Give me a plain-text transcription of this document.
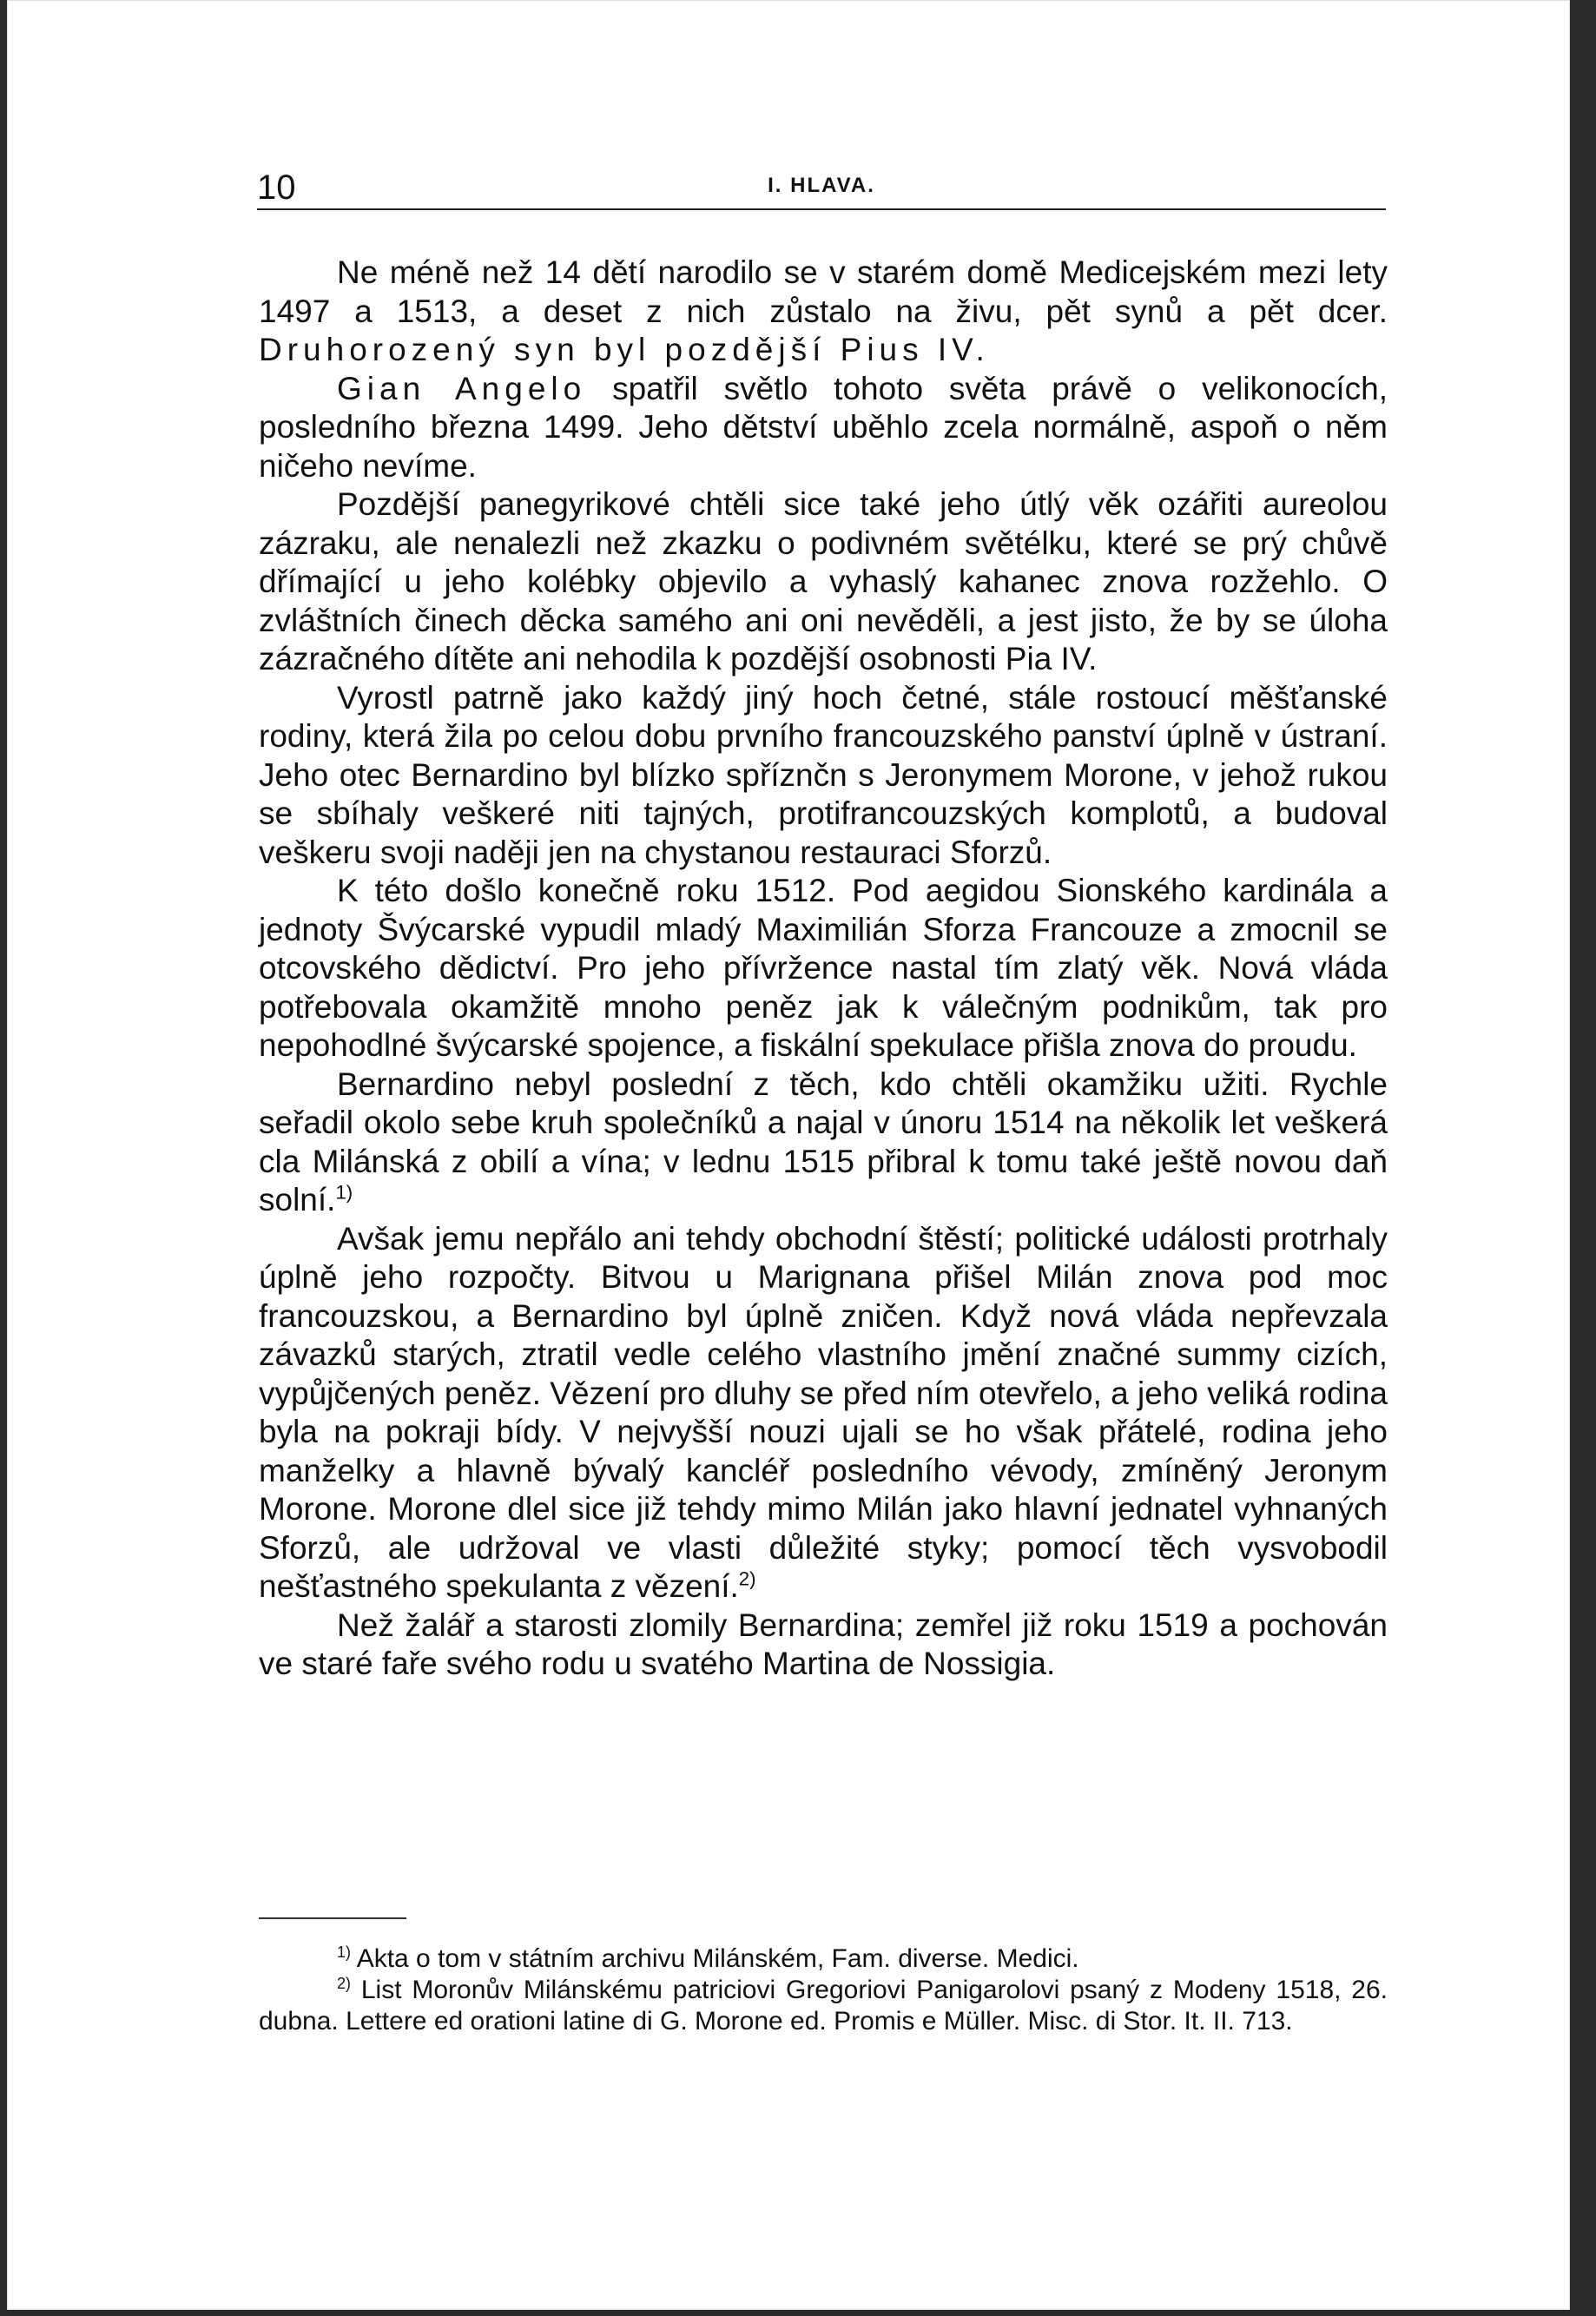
10	I. HLAVA.

Ne méně než 14 dětí narodilo se v starém domě Medicejském mezi lety 1497 a 1513, a deset z nich zůstalo na živu, pět synů a pět dcer. Druhorozený syn byl pozdější Pius IV.

Gian Angelo spatřil světlo tohoto světa právě o velikonocích, posledního března 1499. Jeho dětství uběhlo zcela normálně, aspoň o něm ničeho nevíme.

Pozdější panegyrikové chtěli sice také jeho útlý věk ozářiti aureolou zázraku, ale nenalezli než zkazku o podivném světélku, které se prý chůvě dřímající u jeho kolébky objevilo a vyhaslý kahanec znova rozžehlo. O zvláštních činech děcka samého ani oni nevěděli, a jest jisto, že by se úloha zázračného dítěte ani nehodila k pozdější osobnosti Pia IV.

Vyrostl patrně jako každý jiný hoch četné, stále rostoucí měšťanské rodiny, která žila po celou dobu prvního francouzského panství úplně v ústraní. Jeho otec Bernardino byl blízko spříznčn s Jeronymem Morone, v jehož rukou se sbíhaly veškeré niti tajných, protifrancouzských komplotů, a budoval veškeru svoji naději jen na chystanou restauraci Sforzů.

K této došlo konečně roku 1512. Pod aegidou Sionského kardinála a jednoty Švýcarské vypudil mladý Maximilián Sforza Francouze a zmocnil se otcovského dědictví. Pro jeho přívržence nastal tím zlatý věk. Nová vláda potřebovala okamžitě mnoho peněz jak k válečným podnikům, tak pro nepohodlné švýcarské spojence, a fiskální spekulace přišla znova do proudu.

Bernardino nebyl poslední z těch, kdo chtěli okamžiku užiti. Rychle seřadil okolo sebe kruh společníků a najal v únoru 1514 na několik let veškerá cla Milánská z obilí a vína; v lednu 1515 přibral k tomu také ještě novou daň solní.$^{1)}$

Avšak jemu nepřálo ani tehdy obchodní štěstí; politické události protrhaly úplně jeho rozpočty. Bitvou u Marignana přišel Milán znova pod moc francouzskou, a Bernardino byl úplně zničen. Když nová vláda nepřevzala závazků starých, ztratil vedle celého vlastního jmění značné summy cizích, vypůjčených peněz. Vězení pro dluhy se před ním otevřelo, a jeho veliká rodina byla na pokraji bídy. V nejvyšší nouzi ujali se ho však přátelé, rodina jeho manželky a hlavně bývalý kancléř posledního vévody, zmíněný Jeronym Morone. Morone dlel sice již tehdy mimo Milán jako hlavní jednatel vyhnaných Sforzů, ale udržoval ve vlasti důležité styky; pomocí těch vysvobodil nešťastného spekulanta z vězení.$^{2)}$

Než žalář a starosti zlomily Bernardina; zemřel již roku 1519 a pochován ve staré faře svého rodu u svatého Martina de Nossigia.

$^{1)}$ Akta o tom v státním archivu Milánském, Fam. diverse. Medici.

$^{2)}$ List Moronův Milánskému patriciovi Gregoriovi Panigarolovi psaný z Modeny 1518, 26. dubna. Lettere ed orationi latine di G. Morone ed. Promis e Müller. Misc. di Stor. It. II. 713.
